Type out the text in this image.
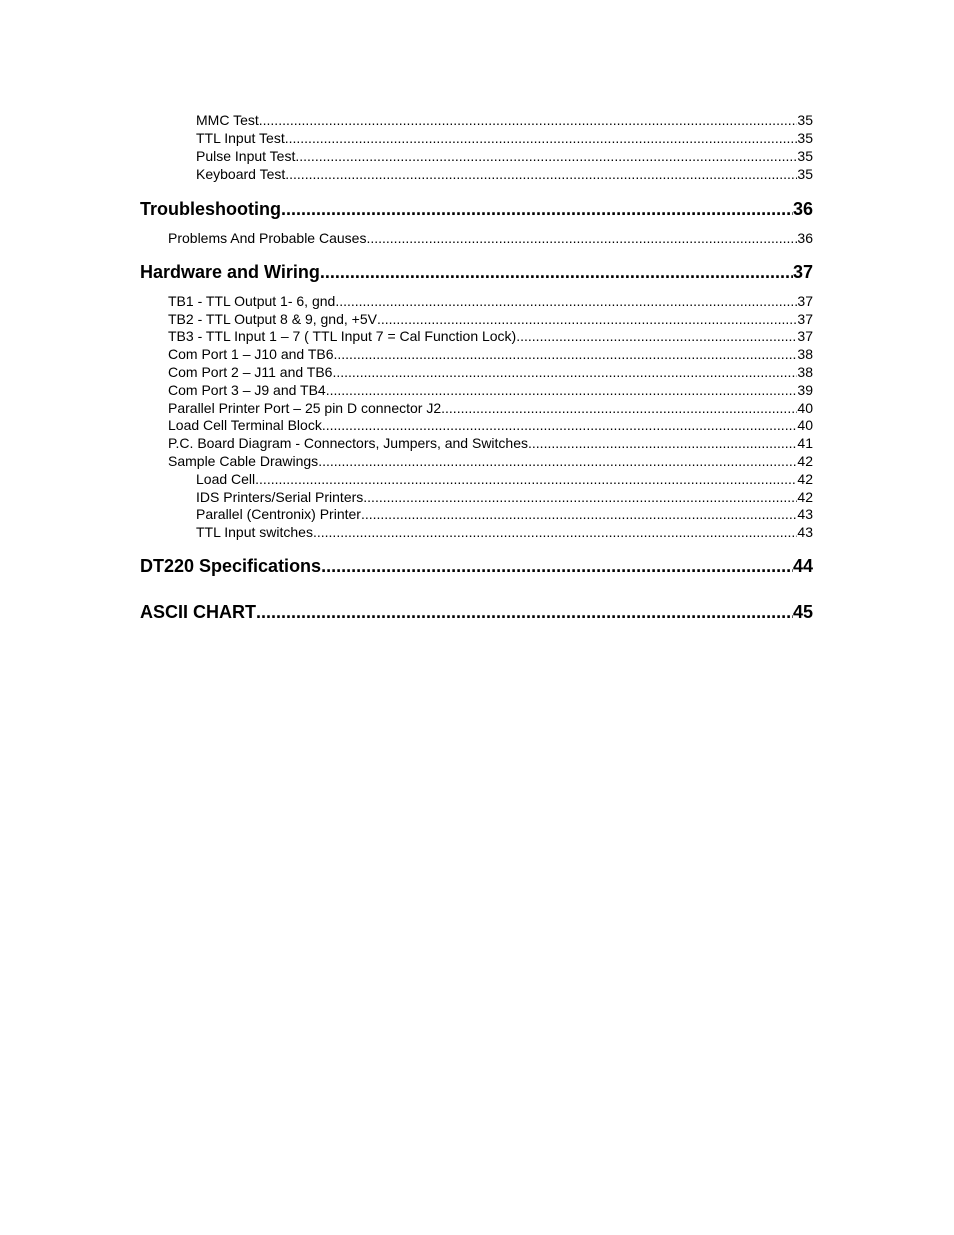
MMC Test .....	35
TTL Input Test .....	35
Pulse Input Test .....	35
Keyboard Test .....	35
Troubleshooting .....	36
Problems And Probable Causes .....	36
Hardware and Wiring .....	37
TB1 - TTL Output 1- 6, gnd .....	37
TB2 - TTL Output 8 & 9, gnd, +5V .....	37
TB3 - TTL Input 1 – 7 ( TTL Input 7 = Cal Function Lock) .....	37
Com Port 1 – J10 and TB6 .....	38
Com Port 2 – J11 and TB6 .....	38
Com Port 3 – J9 and TB4 .....	39
Parallel Printer Port – 25 pin D connector J2 .....	40
Load Cell Terminal Block .....	40
P.C. Board Diagram - Connectors, Jumpers, and Switches .....	41
Sample Cable Drawings .....	42
Load Cell .....	42
IDS Printers/Serial Printers .....	42
Parallel (Centronix) Printer .....	43
TTL Input switches .....	43
DT220 Specifications .....	44
ASCII CHART .....	45
